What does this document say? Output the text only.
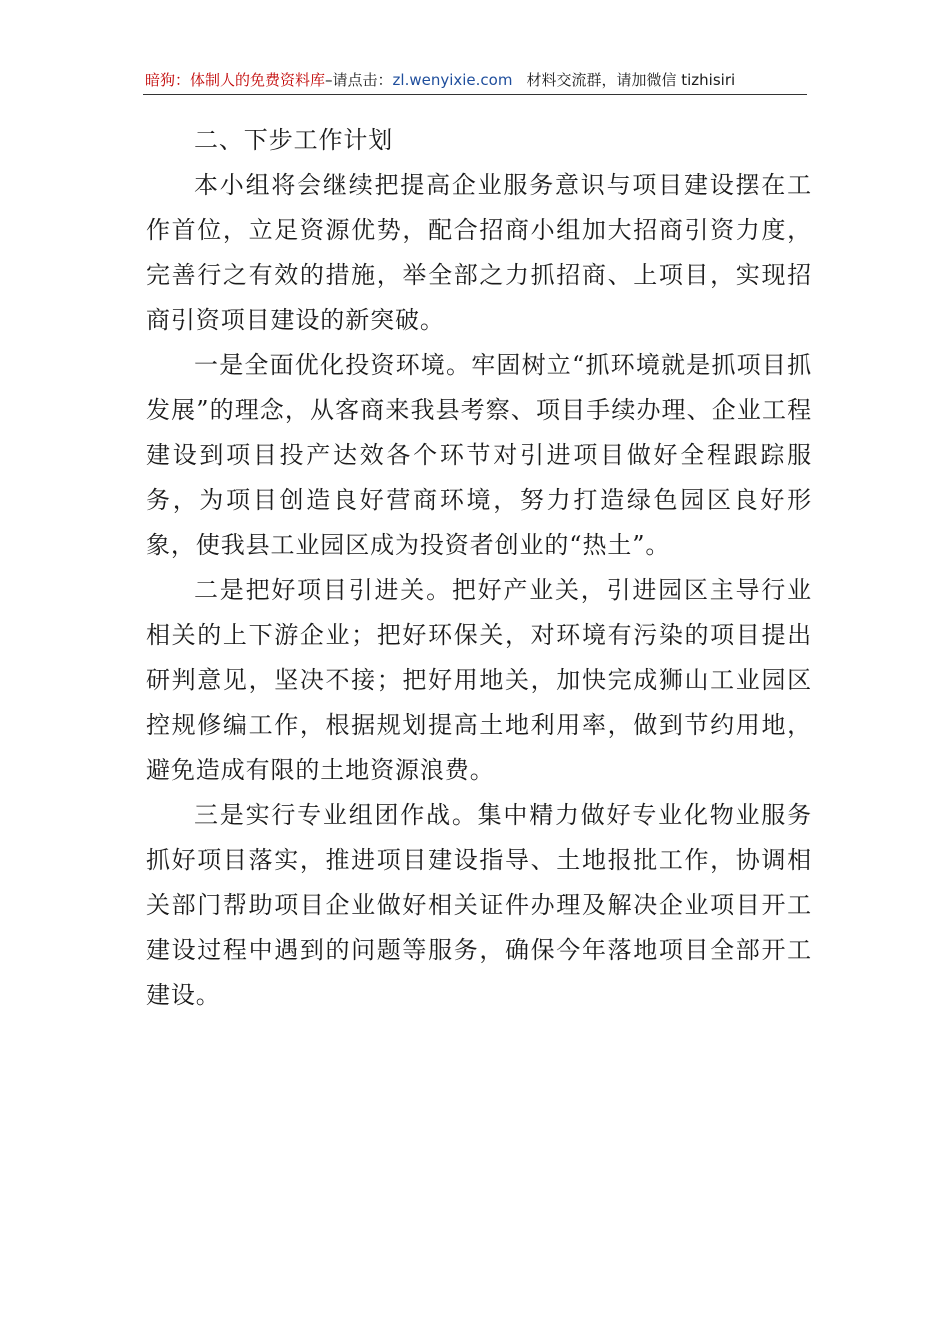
暗狗：体制人的免费资料库–请点击：zl.wenyixie.com 材料交流群，请加微信 tizhisiri
二、下步工作计划

本小组将会继续把提高企业服务意识与项目建设摆在工作首位，立足资源优势，配合招商小组加大招商引资力度，完善行之有效的措施，举全部之力抓招商、上项目，实现招商引资项目建设的新突破。

一是全面优化投资环境。牢固树立“抓环境就是抓项目抓发展”的理念，从客商来我县考察、项目手续办理、企业工程建设到项目投产达效各个环节对引进项目做好全程跟踪服务，为项目创造良好营商环境，努力打造绿色园区良好形象，使我县工业园区成为投资者创业的“热土”。

二是把好项目引进关。把好产业关，引进园区主导行业相关的上下游企业；把好环保关，对环境有污染的项目提出研判意见，坚决不接；把好用地关，加快完成狮山工业园区控规修编工作，根据规划提高土地利用率，做到节约用地，避免造成有限的土地资源浪费。

三是实行专业组团作战。集中精力做好专业化物业服务抓好项目落实，推进项目建设指导、土地报批工作，协调相关部门帮助项目企业做好相关证件办理及解决企业项目开工建设过程中遇到的问题等服务，确保今年落地项目全部开工建设。
